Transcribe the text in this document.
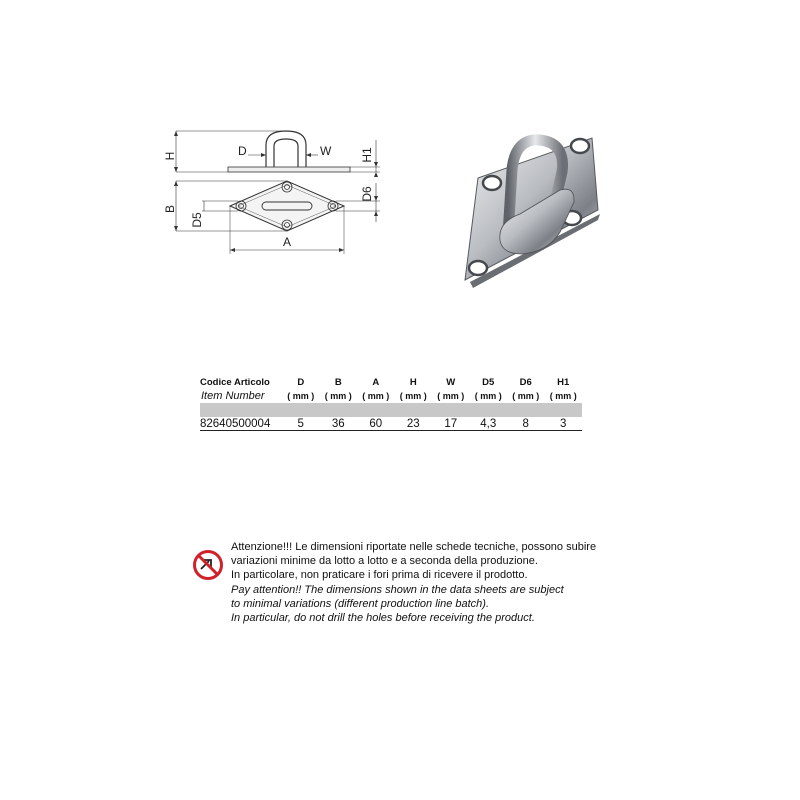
H	D	W H1
B
D5
D6
A
Codice Articolo	D	B	A	H	W	D5	D6	H1
Item Number	( mm )	( mm )	( mm )	( mm )	( mm )	( mm )	( mm )	( mm )

82640500004	5	36	60	23	17	4,3	8	3
Attenzione!!! Le dimensioni riportate nelle schede tecniche, possono subire
variazioni minime da lotto a lotto e a seconda della produzione.
In particolare, non praticare i fori prima di ricevere il prodotto.
Pay attention!! The dimensions shown in the data sheets are subject
to minimal variations (different production line batch).
In particular, do not drill the holes before receiving the product.
